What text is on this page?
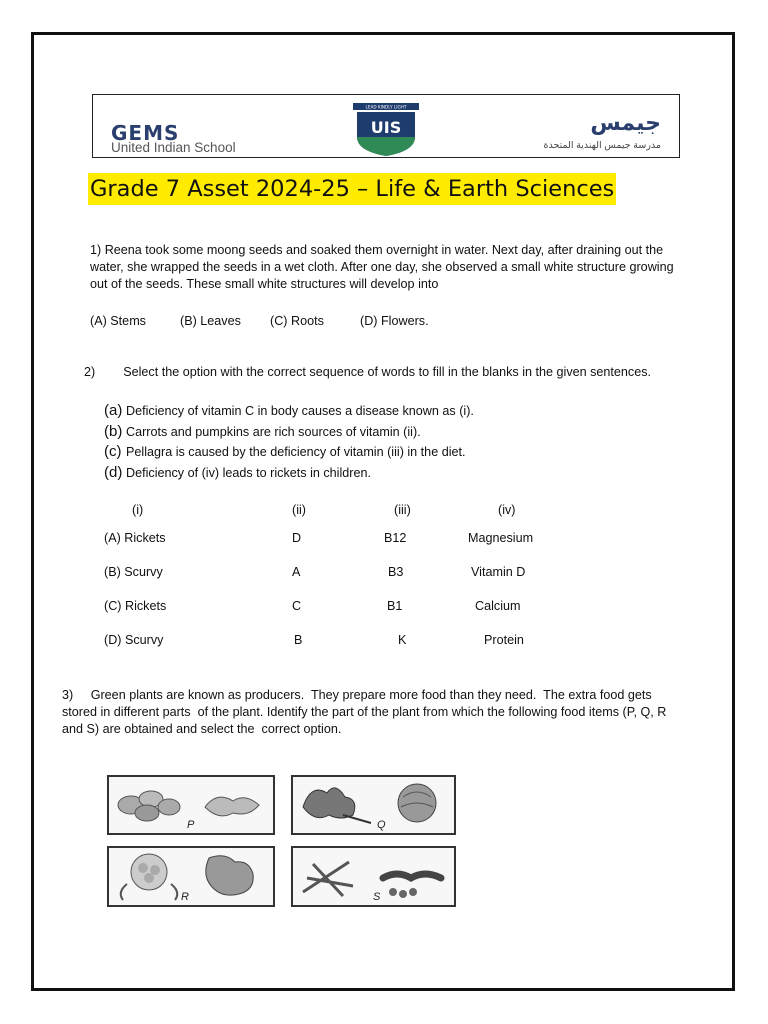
GEMS
United Indian School
LEAD KINDLY LIGHT
UIS	جيمس
مدرسة جيمس الهندية المتحدة
Grade 7 Asset 2024-25 – Life & Earth Sciences
1) Reena took some moong seeds and soaked them overnight in water. Next day, after draining out the water, she wrapped the seeds in a wet cloth. After one day, she observed a small white structure growing out of the seeds. These small white structures will develop into
(A) Stems	(B) Leaves (C) Roots	(D) Flowers.
2)        Select the option with the correct sequence of words to fill in the blanks in the given sentences.
(a) Deficiency of vitamin C in body causes a disease known as (i).
(b) Carrots and pumpkins are rich sources of vitamin (ii).
(c) Pellagra is caused by the deficiency of vitamin (iii) in the diet.
(d) Deficiency of (iv) leads to rickets in children.
(i)	(ii)	(iii)	(iv)
(A) Rickets	D	B12	Magnesium
(B) Scurvy	A	B3	Vitamin D
(C) Rickets	C	B1	Calcium
(D) Scurvy	B	K	Protein
3)     Green plants are known as producers.  They prepare more food than they need.  The extra food gets stored in different parts  of the plant. Identify the part of the plant from which the following food items (P, Q, R and S) are obtained and select the  correct option.
P	Q
R	S
